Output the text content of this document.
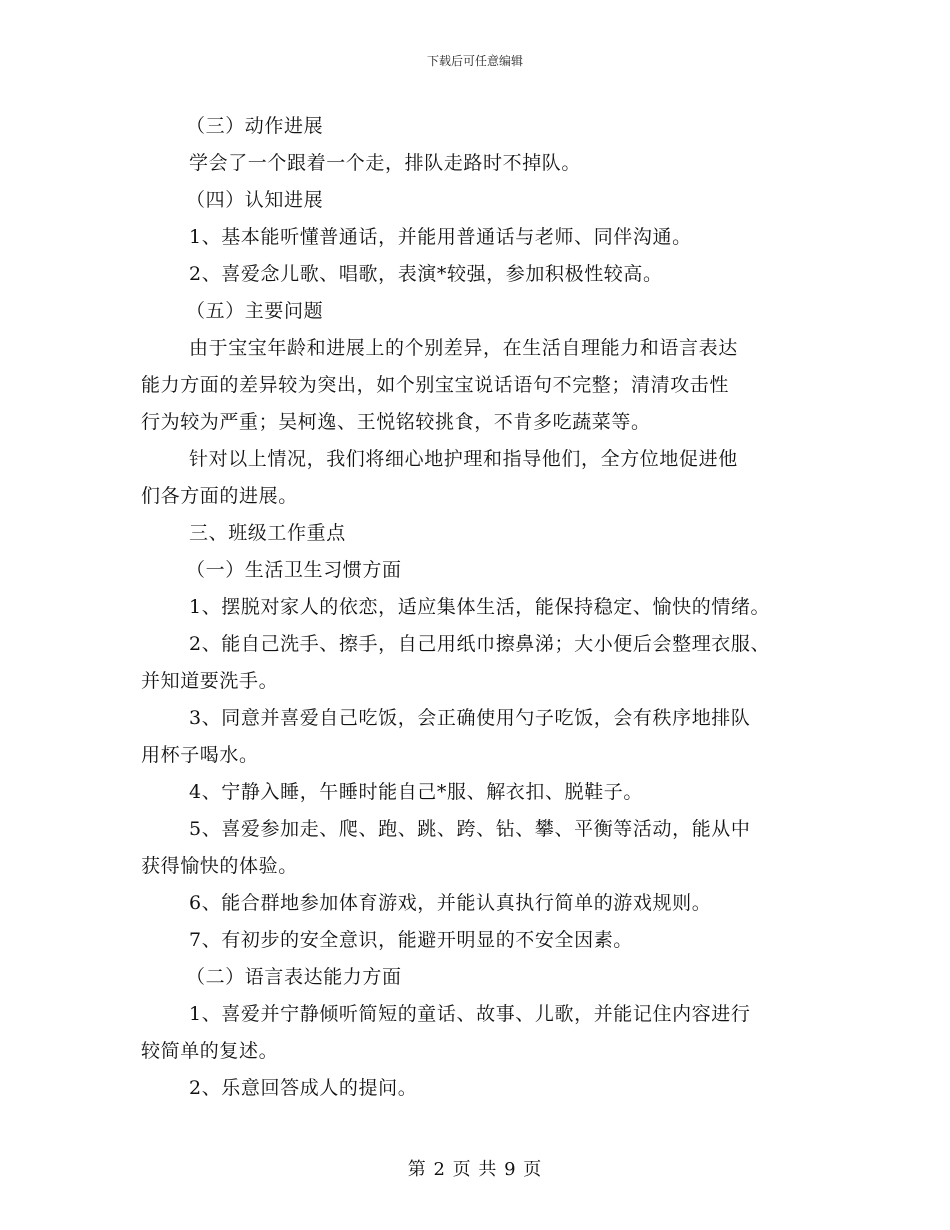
下载后可任意编辑
（三）动作进展
学会了一个跟着一个走，排队走路时不掉队。
（四）认知进展
1、基本能听懂普通话，并能用普通话与老师、同伴沟通。
2、喜爱念儿歌、唱歌，表演*较强，参加积极性较高。
（五）主要问题
由于宝宝年龄和进展上的个别差异，在生活自理能力和语言表达
能力方面的差异较为突出，如个别宝宝说话语句不完整；清清攻击性
行为较为严重；吴柯逸、王悦铭较挑食，不肯多吃蔬菜等。
针对以上情况，我们将细心地护理和指导他们，全方位地促进他
们各方面的进展。
三、班级工作重点
（一）生活卫生习惯方面
1、摆脱对家人的依恋，适应集体生活，能保持稳定、愉快的情绪。
2、能自己洗手、擦手，自己用纸巾擦鼻涕；大小便后会整理衣服、
并知道要洗手。
3、同意并喜爱自己吃饭，会正确使用勺子吃饭，会有秩序地排队
用杯子喝水。
4、宁静入睡，午睡时能自己*服、解衣扣、脱鞋子。
5、喜爱参加走、爬、跑、跳、跨、钻、攀、平衡等活动，能从中
获得愉快的体验。
6、能合群地参加体育游戏，并能认真执行简单的游戏规则。
7、有初步的安全意识，能避开明显的不安全因素。
（二）语言表达能力方面
1、喜爱并宁静倾听简短的童话、故事、儿歌，并能记住内容进行
较简单的复述。
2、乐意回答成人的提问。
第 2 页 共 9 页
